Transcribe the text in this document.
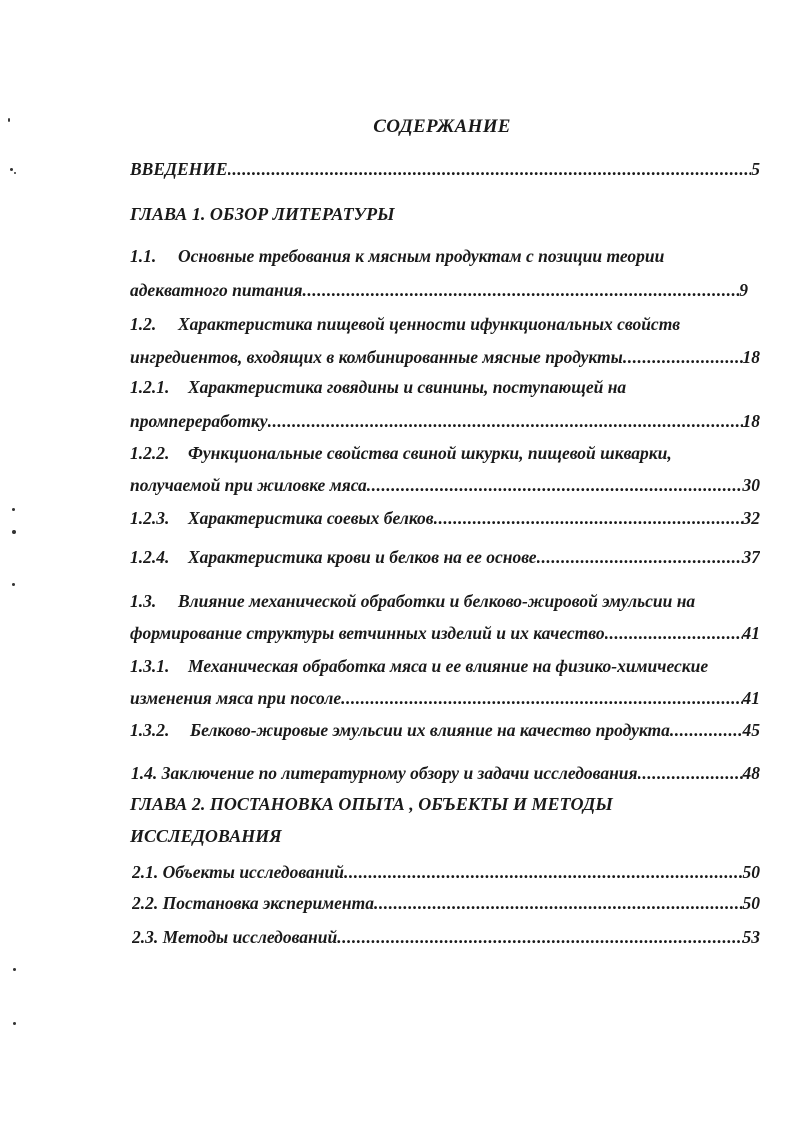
СОДЕРЖАНИЕ
ВВЕДЕНИЕ .....	5
ГЛАВА 1. ОБЗОР ЛИТЕРАТУРЫ
1.1. Основные требования к мясным продуктам с позиции теории
адекватного питания .....	9
1.2. Характеристика пищевой ценности ифункциональных свойств
ингредиентов, входящих в комбинированные мясные продукты .....	18
1.2.1. Характеристика говядины и свинины, поступающей на
промпереработку .....	18
1.2.2. Функциональные свойства свиной шкурки, пищевой шкварки,
получаемой при жиловке мяса .....	30
1.2.3. Характеристика соевых белков .....	32
1.2.4. Характеристика крови и белков на ее основе .....	37
1.3. Влияние механической обработки и белково-жировой эмульсии на
формирование структуры ветчинных изделий и их качество .....	41
1.3.1. Механическая обработка мяса и ее влияние на физико-химические
изменения мяса при посоле .....	41
1.3.2. Белково-жировые эмульсии их влияние на качество продукта .....	45
1.4. Заключение по литературному обзору и задачи исследования .....	48
ГЛАВА 2. ПОСТАНОВКА ОПЫТА , ОБЪЕКТЫ И МЕТОДЫ
ИССЛЕДОВАНИЯ
2.1. Объекты исследований .....	50
2.2. Постановка эксперимента .....	50
2.3. Методы исследований .....	53
